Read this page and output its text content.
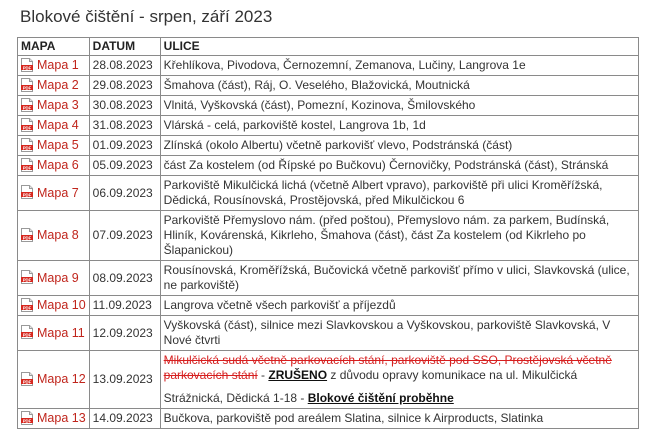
Blokové čištění - srpen, září 2023
MAPA	DATUM	ULICE

PDF Mapa 1	28.08.2023	Křehlíkova, Pivodova, Černozemní, Zemanova, Lučiny, Langrova 1e

PDF Mapa 2	29.08.2023	Šmahova (část), Ráj, O. Veselého, Blažovická, Moutnická

PDF Mapa 3	30.08.2023	Vlnitá, Vyškovská (část), Pomezní, Kozinova, Šmilovského

PDF Mapa 4	31.08.2023	Vlárská - celá, parkoviště kostel, Langrova 1b, 1d

PDF Mapa 5	01.09.2023	Zlínská (okolo Albertu) včetně parkovišť vlevo, Podstránská (část)

PDF Mapa 6	05.09.2023	část Za kostelem (od Řípské po Bučkovu) Černovičky, Podstránská (část), Stránská

PDF Mapa 7	06.09.2023	Parkoviště Mikulčická lichá (včetně Albert vpravo), parkoviště při ulici Kroměřížská, Dědická, Rousínovská, Prostějovská, před Mikulčickou 6

PDF Mapa 8	07.09.2023	Parkoviště Přemyslovo nám. (před poštou), Přemyslovo nám. za parkem, Budínská, Hliník, Kovárenská, Kikrleho, Šmahova (část), část Za kostelem (od Kikrleho po Šlapanickou)

PDF Mapa 9	08.09.2023	Rousínovská, Kroměřížská, Bučovická včetně parkovišť přímo v ulici, Slavkovská (ulice, ne parkoviště)

PDF Mapa 10	11.09.2023	Langrova včetně všech parkovišť a příjezdů

PDF Mapa 11	12.09.2023	Vyškovská (část), silnice mezi Slavkovskou a Vyškovskou, parkoviště Slavkovská, V Nové čtvrti

PDF Mapa 12	13.09.2023	Mikulčická sudá včetně parkovacích stání, parkoviště pod SSO, Prostějovská včetně parkovacích stání - ZRUŠENO z důvodu opravy komunikace na ul. Mikulčická
Strážnická, Dědická 1-18 - Blokové čištění proběhne

PDF Mapa 13	14.09.2023	Bučkova, parkoviště pod areálem Slatina, silnice k Airproducts, Slatinka
